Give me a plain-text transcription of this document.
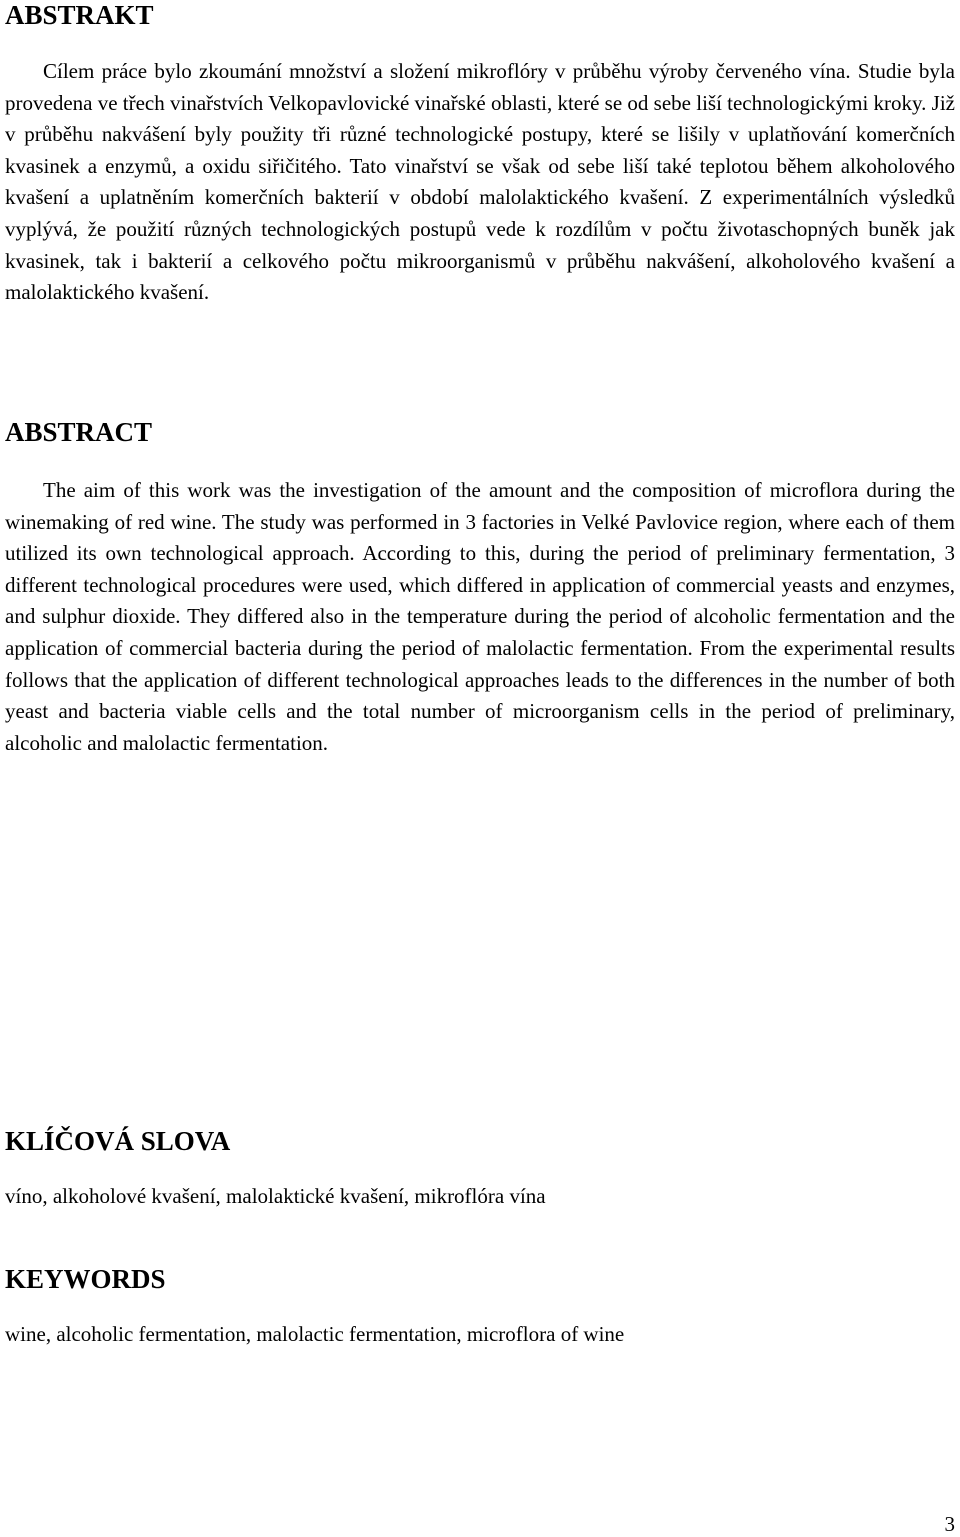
ABSTRAKT

Cílem práce bylo zkoumání množství a složení mikroflóry v průběhu výroby červeného vína. Studie byla provedena ve třech vinařstvích Velkopavlovické vinařské oblasti, které se od sebe liší technologickými kroky. Již v průběhu nakvášení byly použity tři různé technologické postupy, které se lišily v uplatňování komerčních kvasinek a enzymů, a oxidu siřičitého. Tato vinařství se však od sebe liší také teplotou během alkoholového kvašení a uplatněním komerčních bakterií v období malolaktického kvašení. Z experimentálních výsledků vyplývá, že použití různých technologických postupů vede k rozdílům v počtu životaschopných buněk jak kvasinek, tak i bakterií a celkového počtu mikroorganismů v průběhu nakvášení, alkoholového kvašení a malolaktického kvašení.

ABSTRACT

The aim of this work was the investigation of the amount and the composition of microflora during the winemaking of red wine. The study was performed in 3 factories in Velké Pavlovice region, where each of them utilized its own technological approach. According to this, during the period of preliminary fermentation, 3 different technological procedures were used, which differed in application of commercial yeasts and enzymes, and sulphur dioxide. They differed also in the temperature during the period of alcoholic fermentation and the application of commercial bacteria during the period of malolactic fermentation. From the experimental results follows that the application of different technological approaches leads to the differences in the number of both yeast and bacteria viable cells and the total number of microorganism cells in the period of preliminary, alcoholic and malolactic fermentation.

KLÍČOVÁ SLOVA

víno, alkoholové kvašení, malolaktické kvašení, mikroflóra vína

KEYWORDS

wine, alcoholic fermentation, malolactic fermentation, microflora of wine

3
